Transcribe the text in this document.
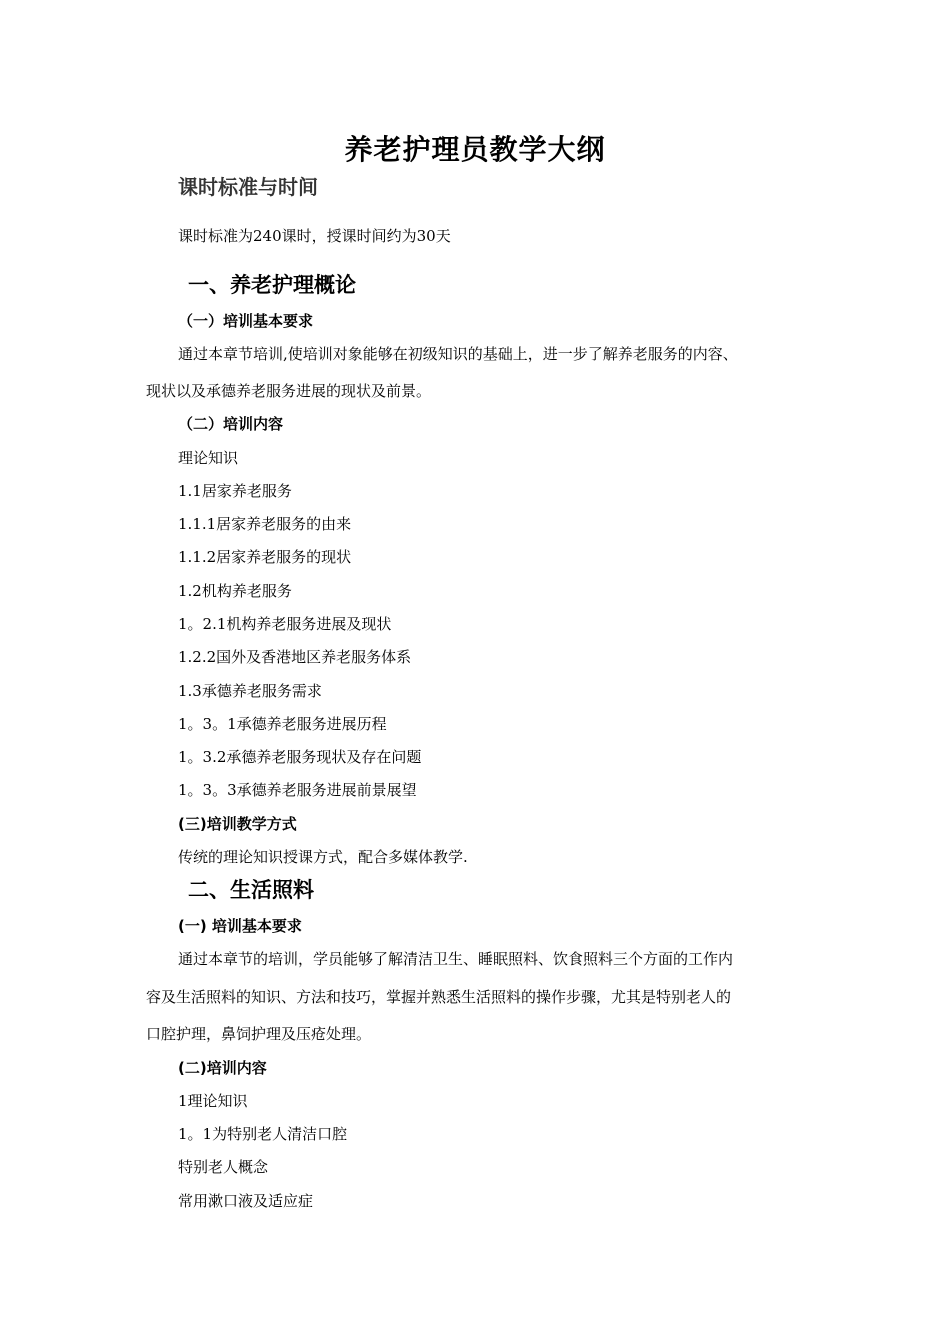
养老护理员教学大纲
课时标准与时间
课时标准为240课时，授课时间约为30天
一、养老护理概论
（一）培训基本要求
通过本章节培训,使培训对象能够在初级知识的基础上，进一步了解养老服务的内容、
现状以及承德养老服务进展的现状及前景。
（二）培训内容
理论知识
1.1居家养老服务
1.1.1居家养老服务的由来
1.1.2居家养老服务的现状
1.2机构养老服务
1。2.1机构养老服务进展及现状
1.2.2国外及香港地区养老服务体系
1.3承德养老服务需求
1。3。1承德养老服务进展历程
1。3.2承德养老服务现状及存在问题
1。3。3承德养老服务进展前景展望
(三)培训教学方式
传统的理论知识授课方式，配合多媒体教学.
二、生活照料
(一) 培训基本要求
通过本章节的培训，学员能够了解清洁卫生、睡眠照料、饮食照料三个方面的工作内
容及生活照料的知识、方法和技巧，掌握并熟悉生活照料的操作步骤，尤其是特别老人的
口腔护理，鼻饲护理及压疮处理。
(二)培训内容
1理论知识
1。1为特别老人清洁口腔
特别老人概念
常用漱口液及适应症
